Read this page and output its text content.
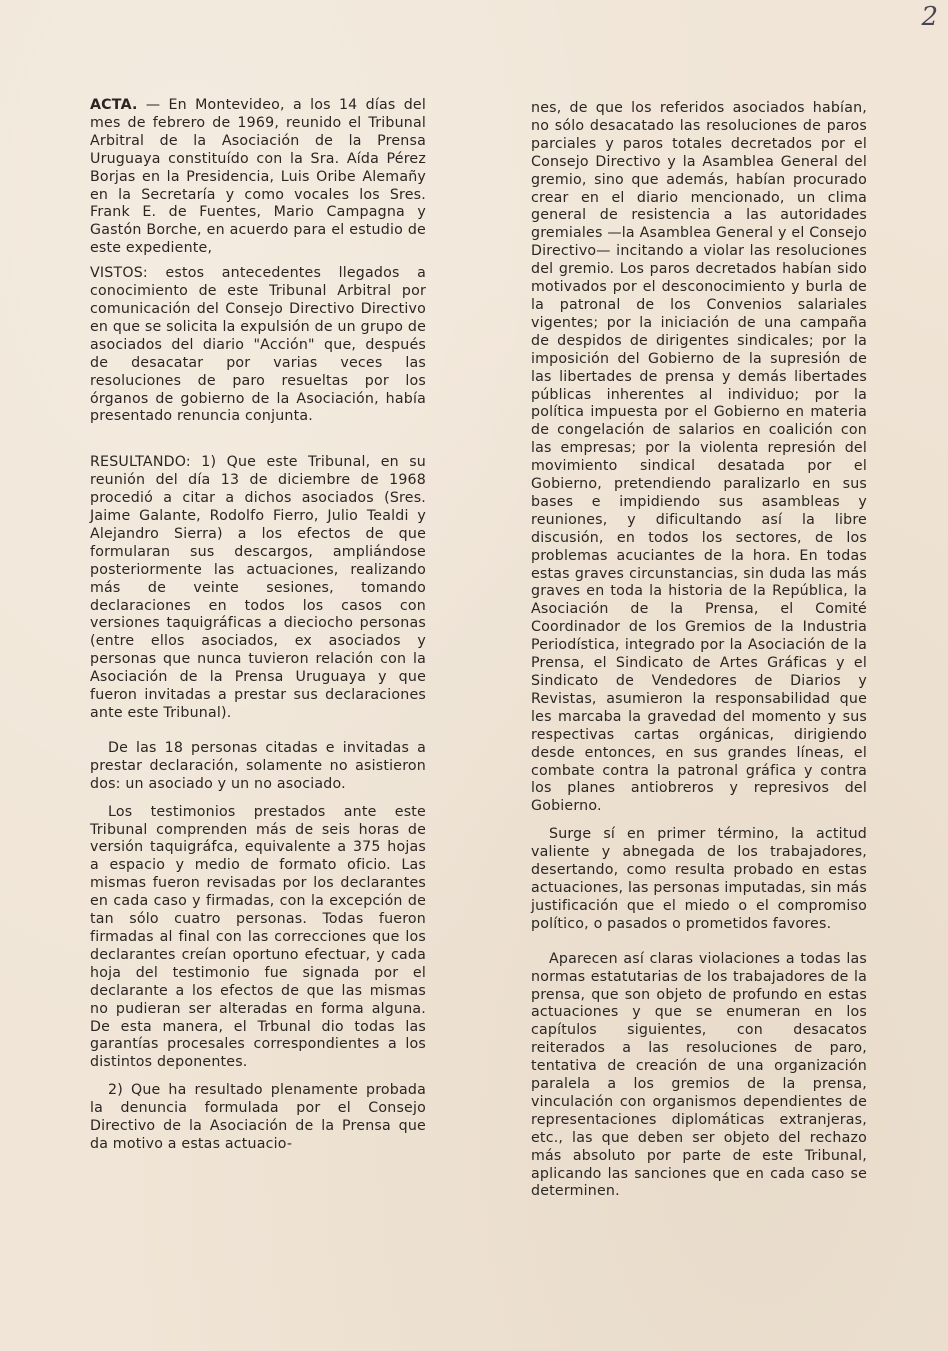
2

ACTA. — En Montevideo, a los 14 días del mes de febrero de 1969, reunido el Tribunal Arbitral de la Asociación de la Prensa Uruguaya constituído con la Sra. Aída Pérez Borjas en la Presidencia, Luis Oribe Alemañy en la Secretaría y como vocales los Sres. Frank E. de Fuentes, Mario Campagna y Gastón Borche, en acuerdo para el estudio de este expediente,

VISTOS: estos antecedentes llegados a conocimiento de este Tribunal Arbitral por comunicación del Consejo Directivo Directivo en que se solicita la expulsión de un grupo de asociados del diario "Acción" que, después de desacatar por varias veces las resoluciones de paro resueltas por los órganos de gobierno de la Asociación, había presentado renuncia conjunta.

RESULTANDO: 1) Que este Tribunal, en su reunión del día 13 de diciembre de 1968 procedió a citar a dichos asociados (Sres. Jaime Galante, Rodolfo Fierro, Julio Tealdi y Alejandro Sierra) a los efectos de que formularan sus descargos, ampliándose posteriormente las actuaciones, realizando más de veinte sesiones, tomando declaraciones en todos los casos con versiones taquigráficas a dieciocho personas (entre ellos asociados, ex asociados y personas que nunca tuvieron relación con la Asociación de la Prensa Uruguaya y que fueron invitadas a prestar sus declaraciones ante este Tribunal).

De las 18 personas citadas e invitadas a prestar declaración, solamente no asistieron dos: un asociado y un no asociado.

Los testimonios prestados ante este Tribunal comprenden más de seis horas de versión taquigráfca, equivalente a 375 hojas a espacio y medio de formato oficio. Las mismas fueron revisadas por los declarantes en cada caso y firmadas, con la excepción de tan sólo cuatro personas. Todas fueron firmadas al final con las correcciones que los declarantes creían oportuno efectuar, y cada hoja del testimonio fue signada por el declarante a los efectos de que las mismas no pudieran ser alteradas en forma alguna. De esta manera, el Trbunal dio todas las garantías procesales correspondientes a los distintos deponentes.

2) Que ha resultado plenamente probada la denuncia formulada por el Consejo Directivo de la Asociación de la Prensa que da motivo a estas actuacio-

nes, de que los referidos asociados habían, no sólo desacatado las resoluciones de paros parciales y paros totales decretados por el Consejo Directivo y la Asamblea General del gremio, sino que además, habían procurado crear en el diario mencionado, un clima general de resistencia a las autoridades gremiales —la Asamblea General y el Consejo Directivo— incitando a violar las resoluciones del gremio. Los paros decretados habían sido motivados por el desconocimiento y burla de la patronal de los Convenios salariales vigentes; por la iniciación de una campaña de despidos de dirigentes sindicales; por la imposición del Gobierno de la supresión de las libertades de prensa y demás libertades públicas inherentes al individuo; por la política impuesta por el Gobierno en materia de congelación de salarios en coalición con las empresas; por la violenta represión del movimiento sindical desatada por el Gobierno, pretendiendo paralizarlo en sus bases e impidiendo sus asambleas y reuniones, y dificultando así la libre discusión, en todos los sectores, de los problemas acuciantes de la hora. En todas estas graves circunstancias, sin duda las más graves en toda la historia de la República, la Asociación de la Prensa, el Comité Coordinador de los Gremios de la Industria Periodística, integrado por la Asociación de la Prensa, el Sindicato de Artes Gráficas y el Sindicato de Vendedores de Diarios y Revistas, asumieron la responsabilidad que les marcaba la gravedad del momento y sus respectivas cartas orgánicas, dirigiendo desde entonces, en sus grandes líneas, el combate contra la patronal gráfica y contra los planes antiobreros y represivos del Gobierno.

Surge sí en primer término, la actitud valiente y abnegada de los trabajadores, desertando, como resulta probado en estas actuaciones, las personas imputadas, sin más justificación que el miedo o el compromiso político, o pasados o prometidos favores.

Aparecen así claras violaciones a todas las normas estatutarias de los trabajadores de la prensa, que son objeto de profundo en estas actuaciones y que se enumeran en los capítulos siguientes, con desacatos reiterados a las resoluciones de paro, tentativa de creación de una organización paralela a los gremios de la prensa, vinculación con organismos dependientes de representaciones diplomáticas extranjeras, etc., las que deben ser objeto del rechazo más absoluto por parte de este Tribunal, aplicando las sanciones que en cada caso se determinen.
